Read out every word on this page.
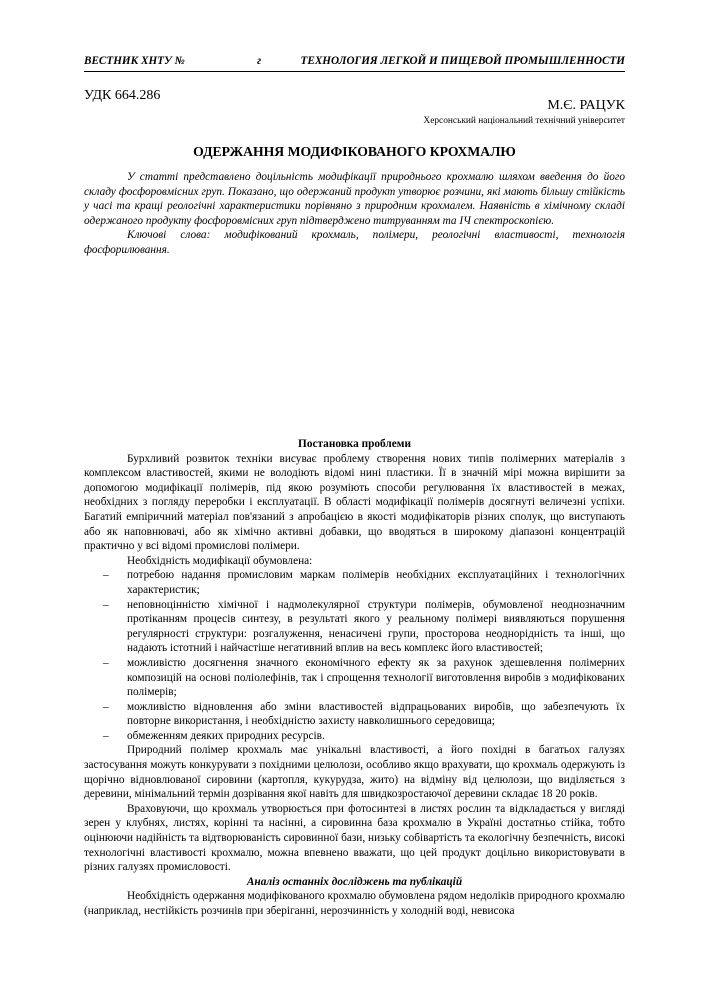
ВЕСТНИК ХНТУ №	г	ТЕХНОЛОГИЯ ЛЕГКОЙ И ПИЩЕВОЙ ПРОМЫШЛЕННОСТИ
УДК 664.286
М.Є. РАЦУК
Херсонський національний технічний університет
ОДЕРЖАННЯ МОДИФІКОВАНОГО КРОХМАЛЮ

У статті представлено доцільність модифікації природнього крохмалю шляхом введення до його складу фосфоровмісних груп. Показано, що одержаний продукт утворює розчини, які мають більшу стійкість у часі та кращі реологічні характеристики порівняно з природним крохмалем. Наявність в хімічному складі одержаного продукту фосфоровмісних груп підтверджено титруванням та ІЧ спектроскопією.

Ключові слова: модифікований крохмаль, полімери, реологічні властивості, технологія фосфорилювання.

Постановка проблеми

Бурхливий розвиток техніки висуває проблему створення нових типів полімерних матеріалів з комплексом властивостей, якими не володіють відомі нині пластики. Її в значній мірі можна вирішити за допомогою модифікації полімерів, під якою розуміють способи регулювання їх властивостей в межах, необхідних з погляду переробки і експлуатації. В області модифікації полімерів досягнуті величезні успіхи. Багатий емпіричний матеріал пов'язаний з апробацією в якості модифікаторів різних сполук, що виступають або як наповнювачі, або як хімічно активні добавки, що вводяться в широкому діапазоні концентрацій практично у всі відомі промислові полімери.

Необхідність модифікації обумовлена:

– потребою надання промисловим маркам полімерів необхідних експлуатаційних і технологічних характеристик;
– неповноцінністю хімічної і надмолекулярної структури полімерів, обумовленої неоднозначним протіканням процесів синтезу, в результаті якого у реальному полімері виявляються порушення регулярності структури: розгалуження, ненасичені групи, просторова неоднорідність та інші, що надають істотний і найчастіше негативний вплив на весь комплекс його властивостей;
– можливістю досягнення значного економічного ефекту як за рахунок здешевлення полімерних композицій на основі поліолефінів, так і спрощення технології виготовлення виробів з модифікованих полімерів;
– можливістю відновлення або зміни властивостей відпрацьованих виробів, що забезпечують їх повторне використання, і необхідністю захисту навколишнього середовища;
– обмеженням деяких природних ресурсів.

Природний полімер крохмаль має унікальні властивості, а його похідні в багатьох галузях застосування можуть конкурувати з похідними целюлози, особливо якщо врахувати, що крохмаль одержують із щорічно відновлюваної сировини (картопля, кукурудза, жито) на відміну від целюлози, що виділяється з деревини, мінімальний термін дозрівання якої навіть для швидкозростаючої деревини складає 18 20 років.

Враховуючи, що крохмаль утворюється при фотосинтезі в листях рослин та відкладається у вигляді зерен у клубнях, листях, корінні та насінні, а сировинна база крохмалю в Україні достатньо стійка, тобто оцінюючи надійність та відтворюваність сировинної бази, низьку собівартість та екологічну безпечність, високі технологічні властивості крохмалю, можна впевнено вважати, що цей продукт доцільно використовувати в різних галузях промисловості.

Аналіз останніх досліджень та публікацій

Необхідність одержання модифікованого крохмалю обумовлена рядом недоліків природного крохмалю (наприклад, нестійкість розчинів при зберіганні, нерозчинність у холодній воді, невисока
